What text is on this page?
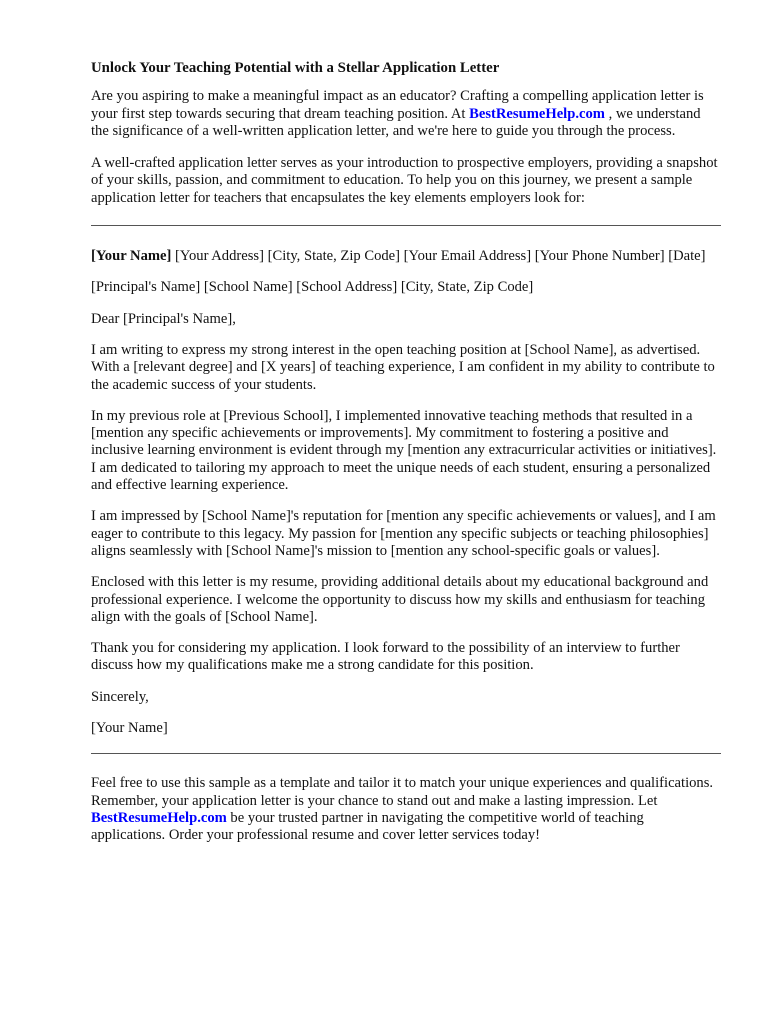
Unlock Your Teaching Potential with a Stellar Application Letter

Are you aspiring to make a meaningful impact as an educator? Crafting a compelling application letter is your first step towards securing that dream teaching position. At BestResumeHelp.com , we understand the significance of a well-written application letter, and we're here to guide you through the process.

A well-crafted application letter serves as your introduction to prospective employers, providing a snapshot of your skills, passion, and commitment to education. To help you on this journey, we present a sample application letter for teachers that encapsulates the key elements employers look for:

[Your Name] [Your Address] [City, State, Zip Code] [Your Email Address] [Your Phone Number] [Date]

[Principal's Name] [School Name] [School Address] [City, State, Zip Code]

Dear [Principal's Name],

I am writing to express my strong interest in the open teaching position at [School Name], as advertised. With a [relevant degree] and [X years] of teaching experience, I am confident in my ability to contribute to the academic success of your students.

In my previous role at [Previous School], I implemented innovative teaching methods that resulted in a [mention any specific achievements or improvements]. My commitment to fostering a positive and inclusive learning environment is evident through my [mention any extracurricular activities or initiatives]. I am dedicated to tailoring my approach to meet the unique needs of each student, ensuring a personalized and effective learning experience.

I am impressed by [School Name]'s reputation for [mention any specific achievements or values], and I am eager to contribute to this legacy. My passion for [mention any specific subjects or teaching philosophies] aligns seamlessly with [School Name]'s mission to [mention any school-specific goals or values].

Enclosed with this letter is my resume, providing additional details about my educational background and professional experience. I welcome the opportunity to discuss how my skills and enthusiasm for teaching align with the goals of [School Name].

Thank you for considering my application. I look forward to the possibility of an interview to further discuss how my qualifications make me a strong candidate for this position.

Sincerely,

[Your Name]

Feel free to use this sample as a template and tailor it to match your unique experiences and qualifications. Remember, your application letter is your chance to stand out and make a lasting impression. Let BestResumeHelp.com be your trusted partner in navigating the competitive world of teaching applications. Order your professional resume and cover letter services today!
